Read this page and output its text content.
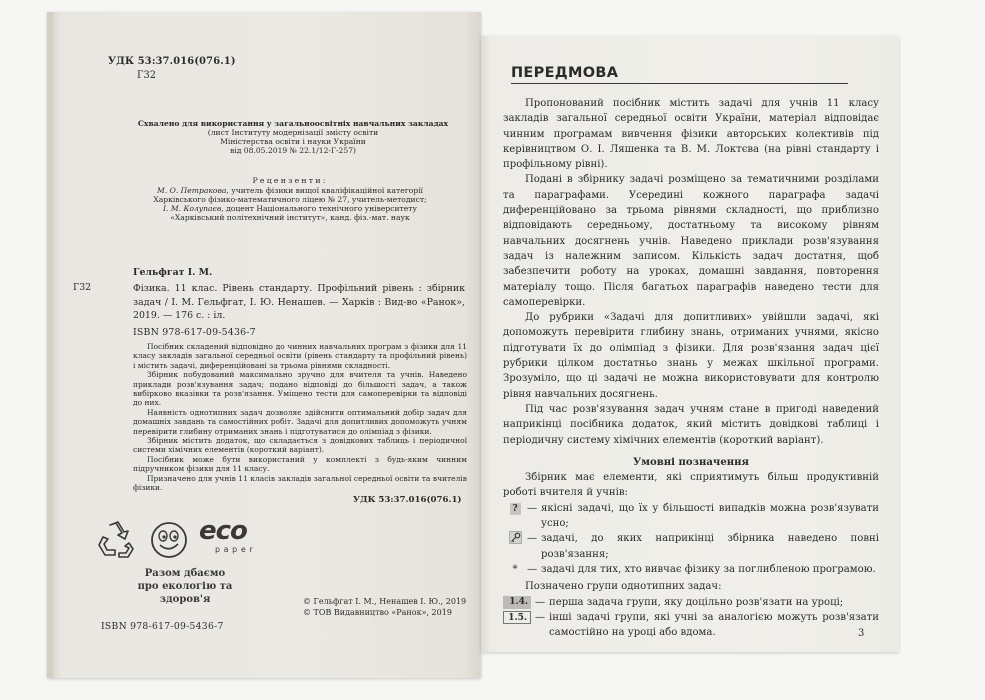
УДК 53:37.016(076.1)
Г32
Схвалено для використання у загальноосвітніх навчальних закладах
(лист Інституту модернізації змісту освіти
Міністерства освіти і науки України
від 08.05.2019 № 22.1/12-Г-257)
Рецензенти:
М. О. Петракова, учитель фізики вищої кваліфікаційної категорії
Харківського фізико-математичного ліцею № 27, учитель-методист;
І. М. Колупаєв, доцент Національного технічного університету
«Харківський політехнічний інститут», канд. фіз.-мат. наук
Гельфгат І. М.
Г32	Фізика. 11 клас. Рівень стандарту. Профільний рівень : збірник задач / І. М. Гельфгат, І. Ю. Ненашев. — Харків : Вид-во «Ранок», 2019. — 176 с. : іл.
ISBN 978-617-09-5436-7

Посібник складений відповідно до чинних навчальних програм з фізики для 11 класу закладів загальної середньої освіти (рівень стандарту та профільний рівень) і містить задачі, диференційовані за трьома рівнями складності.

Збірник побудований максимально зручно для вчителя та учнів. Наведено приклади розв'язування задач; подано відповіді до більшості задач, а також вибірково вказівки та розв'язання. Уміщено тести для самоперевірки та відповіді до них.

Наявність однотипних задач дозволяє здійснити оптимальний добір задач для домашніх завдань та самостійних робіт. Задачі для допитливих допоможуть учням перевірити глибину отриманих знань і підготуватися до олімпіад з фізики.

Збірник містить додаток, що складається з довідкових таблиць і періодичної системи хімічних елементів (короткий варіант).

Посібник може бути використаний у комплекті з будь-яким чинним підручником фізики для 11 класу.

Призначено для учнів 11 класів закладів загальної середньої освіти та вчителів фізики.

УДК 53:37.016(076.1)
eco
paper
Разом дбаємо
про екологію та здоров'я	© Гельфгат І. М., Ненашев І. Ю., 2019
© ТОВ Видавництво «Ранок», 2019
ISBN 978-617-09-5436-7
ПЕРЕДМОВА

Пропонований посібник містить задачі для учнів 11 класу закладів загальної середньої освіти України, матеріал відповідає чинним програмам вивчення фізики авторських колективів під керівництвом О. І. Ляшенка та В. М. Локтєва (на рівні стандарту і профільному рівні).

Подані в збірнику задачі розміщено за тематичними розділами та параграфами. Усередині кожного параграфа задачі диференційовано за трьома рівнями складності, що приблизно відповідають середньому, достатньому та високому рівням навчальних досягнень учнів. Наведено приклади розв'язування задач із належним записом. Кількість задач достатня, щоб забезпечити роботу на уроках, домашні завдання, повторення матеріалу тощо. Після багатьох параграфів наведено тести для самоперевірки.

До рубрики «Задачі для допитливих» увійшли задачі, які допоможуть перевірити глибину знань, отриманих учнями, якісно підготувати їх до олімпіад з фізики. Для розв'язання задач цієї рубрики цілком достатньо знань у межах шкільної програми. Зрозуміло, що ці задачі не можна використовувати для контролю рівня навчальних досягнень.

Під час розв'язування задач учням стане в пригоді наведений наприкінці посібника додаток, який містить довідкові таблиці і періодичну систему хімічних елементів (короткий варіант).

Умовні позначення

Збірник має елементи, які сприятимуть більш продуктивній роботі вчителя й учнів:

? — якісні задачі, що їх у більшості випадків можна розв'язувати усно;
— задачі, до яких наприкінці збірника наведено повні розв'язання;
* — задачі для тих, хто вивчає фізику за поглибленою програмою.

Позначено групи однотипних задач:

1.4. — перша задача групи, яку доцільно розв'язати на уроці;
1.5. — інші задачі групи, які учні за аналогією можуть розв'язати самостійно на уроці або вдома.	3
